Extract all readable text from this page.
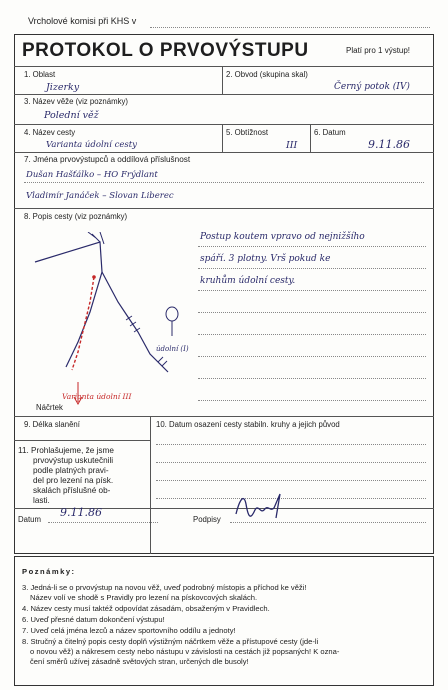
Vrcholové komisi při KHS v
PROTOKOL O PRVOVÝSTUPU	Platí pro 1 výstup!
1. Oblast
Jizerky
2. Obvod (skupina skal)
Černý potok (IV)
3. Název věže (viz poznámky)
Polední věž
4. Název cesty
Varianta údolní cesty
5. Obtížnost
III
6. Datum
9.11.86
7. Jména prvovýstupců a oddílová příslušnost
Dušan Hašťálko – HO Frýdlant
Vladimír Janáček – Slovan Liberec
8. Popis cesty (viz poznámky)
Postup koutem vpravo od nejnižšího
spáří. 3 plotny. Vrš pokud ke
kruhům údolní cesty.
Varianta údolní III
údolní (I)
Náčrtek
9. Délka slanění	10. Datum osazení cesty stabiln. kruhy a jejich původ
11. Prohlašujeme, že jsme
prvovýstup uskutečnili
podle platných pravi-
del pro lezení na písk.
skalách příslušné ob-
lasti.
Datum
9.11.86
Podpisy
Poznámky:
3. Jedná-li se o prvovýstup na novou věž, uveď podrobný místopis a příchod ke věži!
Název volí ve shodě s Pravidly pro lezení na pískovcových skalách.
4. Název cesty musí taktéž odpovídat zásadám, obsaženým v Pravidlech.
6. Uveď přesné datum dokončení výstupu!
7. Uveď celá jména lezců a název sportovního oddílu a jednoty!
8. Stručný a čitelný popis cesty doplň výstižným náčrtkem věže a přístupové cesty (jde-li
o novou věž) a nákresem cesty nebo nástupu v závislosti na cestách již popsaných! K ozna-
čení směrů užívej zásadně světových stran, určených dle busoly!
